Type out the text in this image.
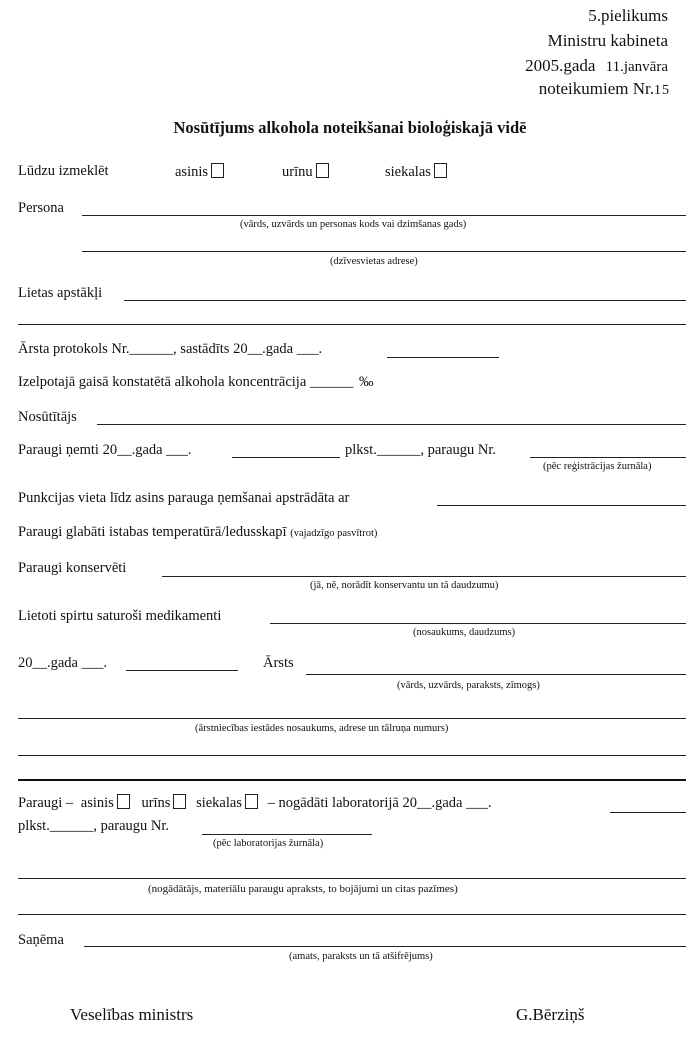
5.pielikums
Ministru kabineta
2005.gada 11.janvāra
noteikumiem Nr.15
Nosūtījums alkohola noteikšanai bioloģiskajā vidē
Lūdzu izmeklēt	asinis	urīnu	siekalas
Persona
(vārds, uzvārds un personas kods vai dzimšanas gads)
(dzīvesvietas adrese)
Lietas apstākļi
Ārsta protokols Nr.______, sastādīts 20__.gada ___.
Izelpotajā gaisā konstatētā alkohola koncentrācija ______ ‰
Nosūtītājs
Paraugi ņemti 20__.gada ___.	plkst.______, paraugu Nr.
(pēc reģistrācijas žurnāla)
Punkcijas vieta līdz asins parauga ņemšanai apstrādāta ar
Paraugi glabāti istabas temperatūrā/ledusskapī (vajadzīgo pasvītrot)
Paraugi konservēti
(jā, nē, norādīt konservantu un tā daudzumu)
Lietoti spirtu saturoši medikamenti
(nosaukums, daudzums)
20__.gada ___.	Ārsts
(vārds, uzvārds, paraksts, zīmogs)
(ārstniecības iestādes nosaukums, adrese un tālruņa numurs)
Paraugi – asinis urīns siekalas – nogādāti laboratorijā 20__.gada ___.
plkst.______, paraugu Nr.
(pēc laboratorijas žurnāla)
(nogādātājs, materiālu paraugu apraksts, to bojājumi un citas pazīmes)
Saņēma
(amats, paraksts un tā atšifrējums)
Veselības ministrs	G.Bērziņš
